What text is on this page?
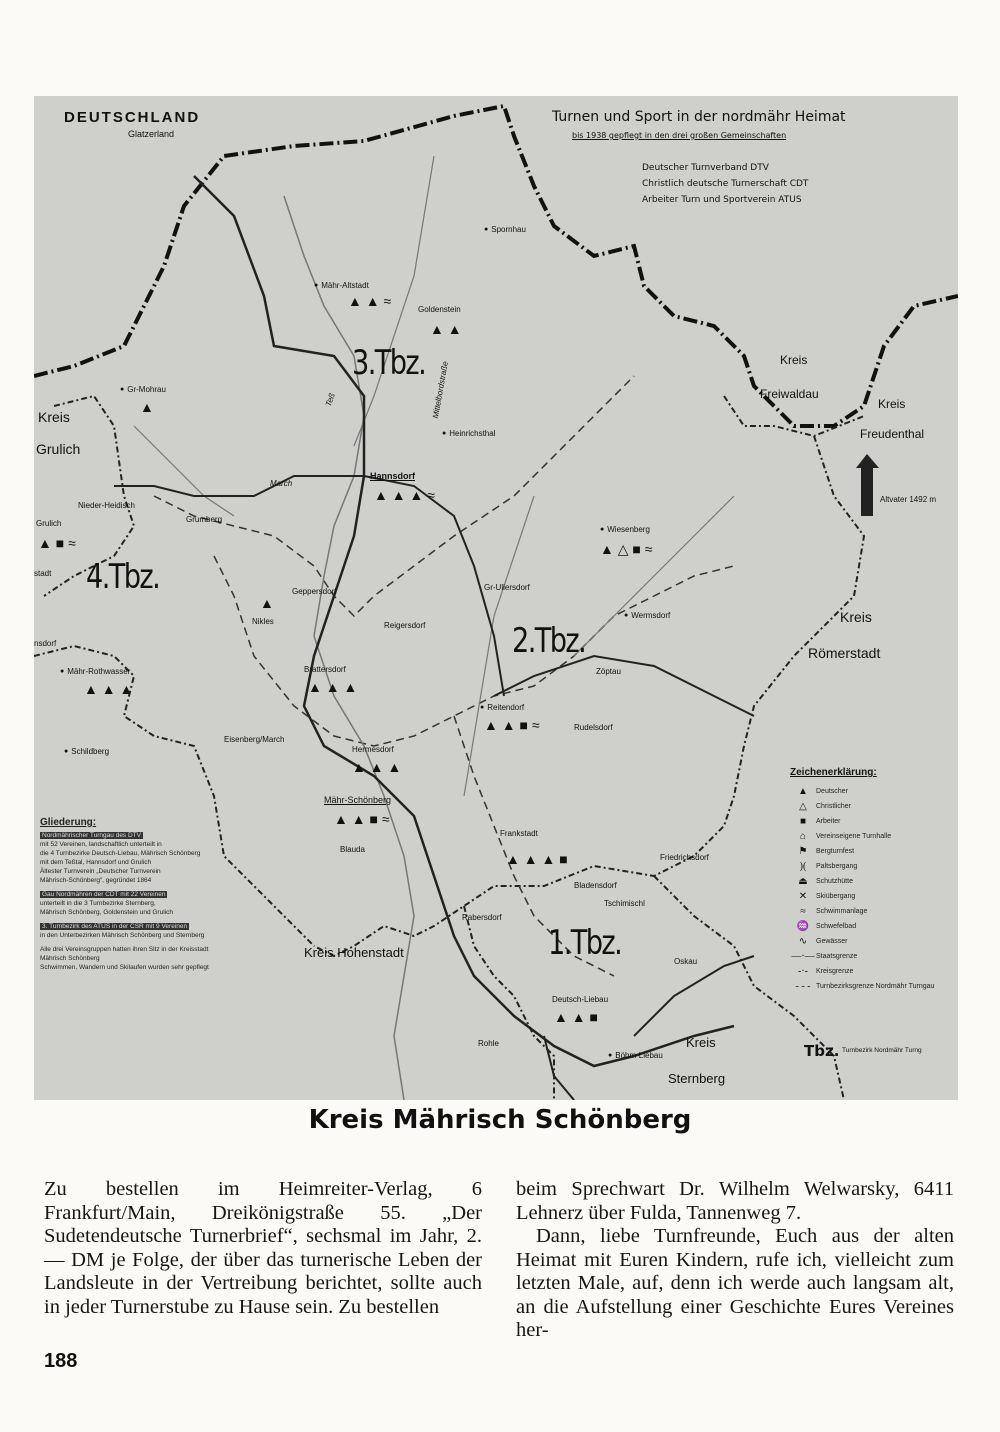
DEUTSCHLAND
Glatzerland
Turnen und Sport in der nordmähr Heimat
bis 1938 gepflegt in den drei großen Gemeinschaften
Deutscher Turnverband DTV
Christlich deutsche Turnerschaft CDT
Arbeiter Turn und Sportverein ATUS
Kreis
Freiwaldau
Kreis
Freudenthal
Kreis
Grulich
Kreis
Römerstadt
Kreis Hohenstadt
Kreis
Sternberg
3.Tbz.
4.Tbz.
2.Tbz.
1.Tbz.
Tbz.
● Spornhau
● Mähr-Altstadt
Goldenstein
● Gr-Mohrau
● Heinrichsthal
Hannsdorf
Nieder-Heidisch
Grulich	Grumberg
● Wiesenberg
Geppersdorf	Gr-Ullersdorf
Nikles	Reigersdorf
● Wermsdorf
● Mähr-Rothwasser	Brattersdorf	Zöptau
● Reitendorf
Rudelsdorf
● Schildberg
Eisenberg/March
Hermesdorf
Mähr-Schönberg
Blauda
Frankstadt
Friedrichsdorf
Bladensdorf
Tschimischl
Rabersdorf
Deutsch-Liebau
Oskau
● Böhm-Liebau
Rohle
stadt
nsdorf
Altvater 1492 m
March
Teß	Mittelbordstraße
▲ ▲ ≈
▲ ▲
▲
▲ ▲ ▲ ≈
▲ ■ ≈	▲ △ ■ ≈
▲
▲ ▲ ▲
▲ ▲ ▲
▲ ▲ ■ ≈
▲ ▲ ▲
▲ ▲ ■ ≈
▲ ▲ ▲ ■
▲ ▲ ■
Zeichenerklärung:
▲	Deutscher
△	Christlicher
■	Arbeiter
⌂	Vereinseigene Turnhalle
⚑	Bergturnfest
)(	Paltsbergang
⏏	Schutzhütte
✕	Skiübergang
≈	Schwimmanlage
♒ Schwefelbad
∿	Gewässer
—·— Staatsgrenze
-·-	Kreisgrenze
- - - Turnbezirksgrenze Nordmähr Turngau
Turnbezirk Nordmähr Turng
Gliederung:
Nordmährischer Turngau des DTV
mit 52 Vereinen, landschaftlich unterteilt in
die 4 Turnbezirke Deutsch-Liebau, Mährisch Schönberg
mit dem Teßtal, Hannsdorf und Grulich
Ältester Turnverein „Deutscher Turnverein
Mährisch-Schönberg“, gegründet 1864
Gau Nordmähren der CDT mit 22 Vereinen
unterteilt in die 3 Turnbezirke Sternberg,
Mährisch Schönberg, Goldenstein und Grulich
3. Turnbezirk des ATUS in der CSR mit 9 Vereinen
in den Unterbezirken Mährisch Schönberg und Sternberg
Alle drei Vereinsgruppen hatten ihren Sitz in der Kreisstadt
Mährisch Schönberg
Schwimmen, Wandern und Skilaufen wurden sehr gepflegt
Kreis Mährisch Schönberg

Zu bestellen im Heimreiter-Verlag, 6 Frankfurt/Main, Dreikönigstraße 55. „Der Sudetendeutsche Turnerbrief“, sechsmal im Jahr, 2.— DM je Folge, der über das turnerische Leben der Landsleute in der Vertreibung berichtet, sollte auch in jeder Turnerstube zu Hause sein. Zu bestellen

beim Sprechwart Dr. Wilhelm Welwarsky, 6411 Lehnerz über Fulda, Tannenweg 7.

Dann, liebe Turnfreunde, Euch aus der alten Heimat mit Euren Kindern, rufe ich, vielleicht zum letzten Male, auf, denn ich werde auch langsam alt, an die Aufstellung einer Geschichte Eures Vereines her-

188
